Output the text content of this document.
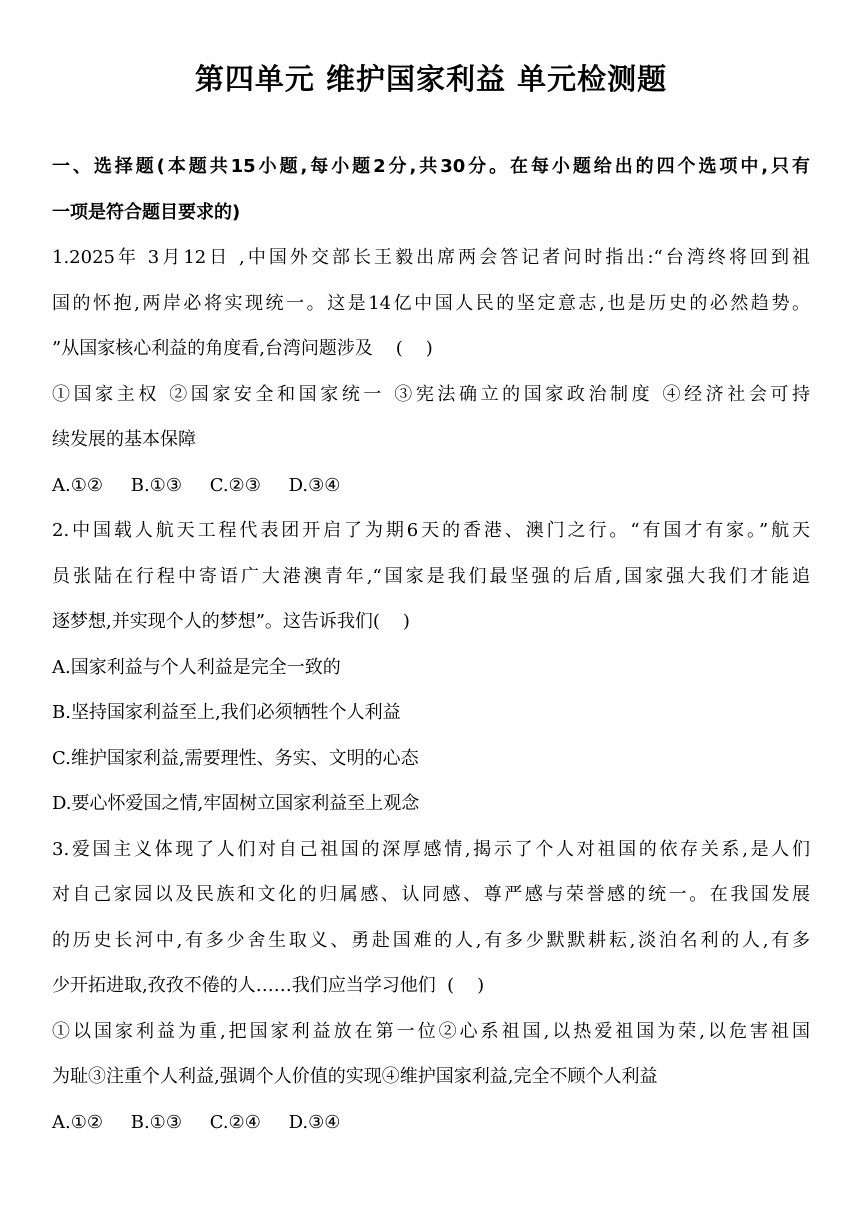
第四单元 维护国家利益 单元检测题
一、选择题(本题共15小题,每小题2分,共30分。在每小题给出的四个选项中,只有
一项是符合题目要求的)
1.2025年 3月12日 ,中国外交部长王毅出席两会答记者问时指出:“台湾终将回到祖
国的怀抱,两岸必将实现统一。这是14亿中国人民的坚定意志,也是历史的必然趋势。
”从国家核心利益的角度看,台湾问题涉及    (    )
①国家主权 ②国家安全和国家统一 ③宪法确立的国家政治制度 ④经济社会可持
续发展的基本保障
A.①② B.①③ C.②③ D.③④
2.中国载人航天工程代表团开启了为期6天的香港、澳门之行。“有国才有家。”航天
员张陆在行程中寄语广大港澳青年,“国家是我们最坚强的后盾,国家强大我们才能追
逐梦想,并实现个人的梦想”。这告诉我们(    )
A.国家利益与个人利益是完全一致的
B.坚持国家利益至上,我们必须牺牲个人利益
C.维护国家利益,需要理性、务实、文明的心态
D.要心怀爱国之情,牢固树立国家利益至上观念
3.爱国主义体现了人们对自己祖国的深厚感情,揭示了个人对祖国的依存关系,是人们
对自己家园以及民族和文化的归属感、认同感、尊严感与荣誉感的统一。在我国发展
的历史长河中,有多少舍生取义、勇赴国难的人,有多少默默耕耘,淡泊名利的人,有多
少开拓进取,孜孜不倦的人……我们应当学习他们  (    )
①以国家利益为重,把国家利益放在第一位②心系祖国,以热爱祖国为荣,以危害祖国
为耻③注重个人利益,强调个人价值的实现④维护国家利益,完全不顾个人利益
A.①② B.①③ C.②④ D.③④
